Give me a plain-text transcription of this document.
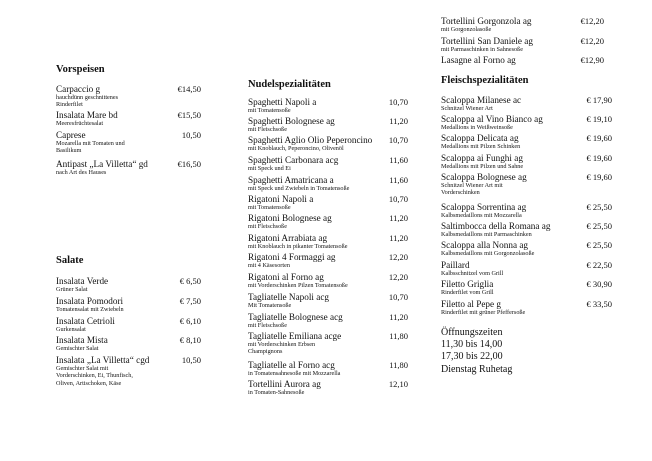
Vorspeisen
Carpaccio g
hauchdünn geschnittenes
Rinderfilet
€14,50
Insalata Mare bd
Meeresfrüchtesalat
€15,50
Caprese
Mozarella mit Tomaten und
Basilikum
10,50
Antipast „La Villetta“ gd
nach Art des Hauses
€16,50
Salate
Insalata Verde
Grüner Salat
€ 6,50
Insalata Pomodori
Tomatensalat mit Zwiebeln
€ 7,50
Insalata Cetrioli
Gurkensalat
€ 6,10
Insalata Mista
Gemischter Salat
€ 8,10
Insalata „La Villetta“ cgd
Gemischter Salat mit
Vorderschinken, Ei, Thunfisch,
Oliven, Artischoken, Käse
10,50
Nudelspezialitäten
Spaghetti Napoli a
mit Tomatensoße
10,70
Spaghetti Bolognese ag
mit Fleischsoße
11,20
Spaghetti Aglio Olio Peperoncino
mit Knoblauch, Peperoncino, Olivenöl
10,70
Spaghetti Carbonara acg
mit Speck und Ei
11,60
Spaghetti Amatricana a
mit Speck und Zwiebeln in Tomatensoße
11,60
Rigatoni Napoli a
mit Tomatensoße
10,70
Rigatoni Bolognese ag
mit Fleischsoße
11,20
Rigatoni Arrabiata ag
mit Knoblauch in pikanter Tomatensoße
11,20
Rigatoni 4 Formaggi ag
mit 4 Käsesorten
12,20
Rigatoni al Forno ag
mit Vorderschinken Pilzen Tomatensoße
12,20
Tagliatelle Napoli acg
Mit Tomatensoße
10,70
Tagliatelle Bolognese acg
mit Fleischsoße
11,20
Tagliatelle Emiliana acge
mit Vorderschinken Erbsen
Champignons
11,80
Tagliatelle al Forno acg
in Tomatensahnesoße mit Mozzarella
11,80
Tortellini Aurora ag
in Tomaten-Sahnesoße
12,10
Tortellini Gorgonzola ag
mit Gorgonzolasoße
€12,20
Tortellini San Daniele ag
mit Parmaschinken in Sahnesoße
€12,20
Lasagne al Forno ag	€12,90
Fleischspezialitäten
Scaloppa Milanese ac
Schnitzel Wiener Art
€ 17,90
Scaloppa al Vino Bianco ag
Medallions in Weißweinsoße
€ 19,10
Scaloppa Delicata ag
Medallions mit Pilzen Schinken
€ 19,60
Scaloppa ai Funghi ag
Medallions mit Pilzen und Sahne
€ 19,60
Scaloppa Bolognese ag
Schnitzel Wiener Art mit
Vorderschinken
€ 19,60
Scaloppa Sorrentina ag
Kalbsmedaillons mit Mozzarella
€ 25,50
Saltimbocca della Romana ag
Kalbsmedaillons mit Parmaschinken
€ 25,50
Scaloppa alla Nonna ag
Kalbsmedaillons mit Gorgonzolasoße
€ 25,50
Paillard
Kalbsschnitzel vom Grill
€ 22,50
Filetto Griglia
Rinderfilet vom Grill
€ 30,90
Filetto al Pepe g
Rinderfilet mit grüner Pfeffersoße
€ 33,50
Öffnungszeiten
11,30 bis 14,00
17,30 bis 22,00
Dienstag Ruhetag
